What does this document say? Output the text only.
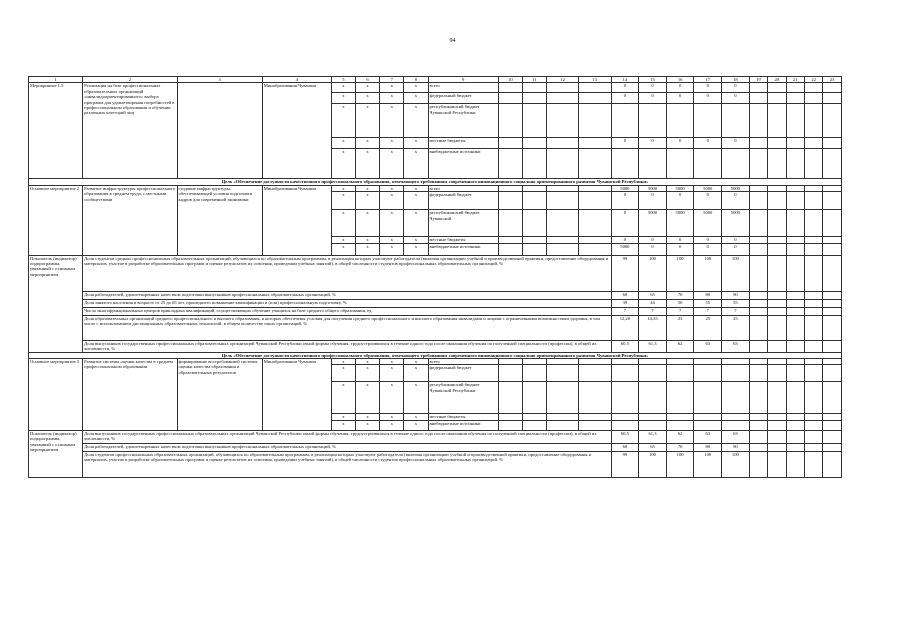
94
1	2	3	4	5	6	7	8	9	10	11	12	13	14	15	16	17	18	19	20	21	22	23
Мероприятие 1.5	Реализация на базе профессиональных образовательных организаций «инвалидоориентированного» выбора программ для удовлетворения потребностей в профессиональном образовании и обучении различных категорий лиц		Минобразования Чувашии	х	х	х	х	всего					0	0	0	0	0					
				х	х	х	х	федеральный бюджет					0	0	0	0	0					
				х	х	х	х	республиканский бюджет Чувашской Республики														
				х	х	х	х	местные бюджеты					0	0	0	0	0					
				х	х	х	х	внебюджетные источники														
Цель «Обеспечение доступности качественного профессионального образования, отвечающего требованиям современного инновационного социально ориентированного развития Чувашской Республики»																						
Основное мероприятие 2	Развитие инфраструктуры профессионального образования в среднем труда, с местными сообществами	создание инфраструктуры, обеспечивающей условия подготовки кадров для современной экономики	Минобразования Чувашии	х	х	х	х	всего					5000	5000	5000	5000	5000					
				х	х	х	х	федеральный бюджет					0	0	0	0	0					
				х	х	х	х	республиканский бюджет Чувашской					0	5000	5000	5000	5000					
				х	х	х	х	местные бюджеты					0	0	0	0	0					
				х	х	х	х	внебюджетные источники					5000	0	0	0	0					
Показатель (индикатор) подпрограммы, увязанный с основным мероприятием	Доля студентов средних профессиональных образовательных организаций, обучающихся по образовательным программам, в реализации которых участвуют работодатели (включая организацию учебной и производственной практики, предоставление оборудования и материалов, участие в разработке образовательных программ и оценке результатов их освоения, проведении учебных занятий), в общей численности студентов профессиональных образовательных организаций, %												99	100	100	100	100					
	Доля работодателей, удовлетворенных качеством подготовки выпускников профессиональных образовательных организаций, %												60	65	70	80	90					
	Доля занятого населения в возрасте от 25 до 65 лет, прошедшего повышение квалификации и (или) профессиональную подготовку, %												39	44	50	55	55					
	Число многофункциональных центров прикладных квалификаций, осуществляющих обучение учащихся на базе среднего общего образования, ед.												7	7	7	7	7					
	Доля образовательных организаций среднего профессионального и высшего образования, в которых обеспечены условия для получения среднего профессионального и высшего образования инвалидами и лицами с ограниченными возможностями здоровья, в том числе с использованием дистанционных образовательных технологий, в общем количестве таких организаций, %												12,20	14,35	23	25	25					
	Доля выпускников государственных профессиональных образовательных организаций Чувашской Республики очной формы обучения, трудоустроившихся в течение одного года после окончания обучения по полученной специальности (профессии), в общей их численности, %												60,5	61,3	62	63	63					
Цель «Обеспечение доступности качественного профессионального образования, отвечающего требованиям современного инновационного социально ориентированного развития Чувашской Республики»																						
Основное мероприятие 3	Развитие системы оценки качества в среднем профессиональном образовании	формирование востребованной системы оценки качества образования и образовательных результатов	Минобразования Чувашии	х	х	х	х	всего														
				х	х	х	х	федеральный бюджет														
				х	х	х	х	республиканский бюджет Чувашской Республики														
				х	х	х	х	местные бюджеты														
				х	х	х	х	внебюджетные источники														
Показатель (индикатор) подпрограммы, увязанный с основным мероприятием	Доля выпускников государственных профессиональных образовательных организаций Чувашской Республики очной формы обучения, трудоустроившихся в течение одного года после окончания обучения по полученной специальности (профессии), в общей их численности, %												60,5	61,3	62	63	63					
	Доля работодателей, удовлетворенных качеством подготовки выпускников профессиональных образовательных организаций, %												60	65	70	80	90					
	Доля студентов профессиональных образовательных организаций, обучающихся по образовательным программам, в реализации которых участвуют работодатели (включая организацию учебной и производственной практики, предоставление оборудования и материалов, участие в разработке образовательных программ и оценке результатов их освоения, проведении учебных занятий), в общей численности студентов профессиональных образовательных организаций, %												99	100	100	100	100					
